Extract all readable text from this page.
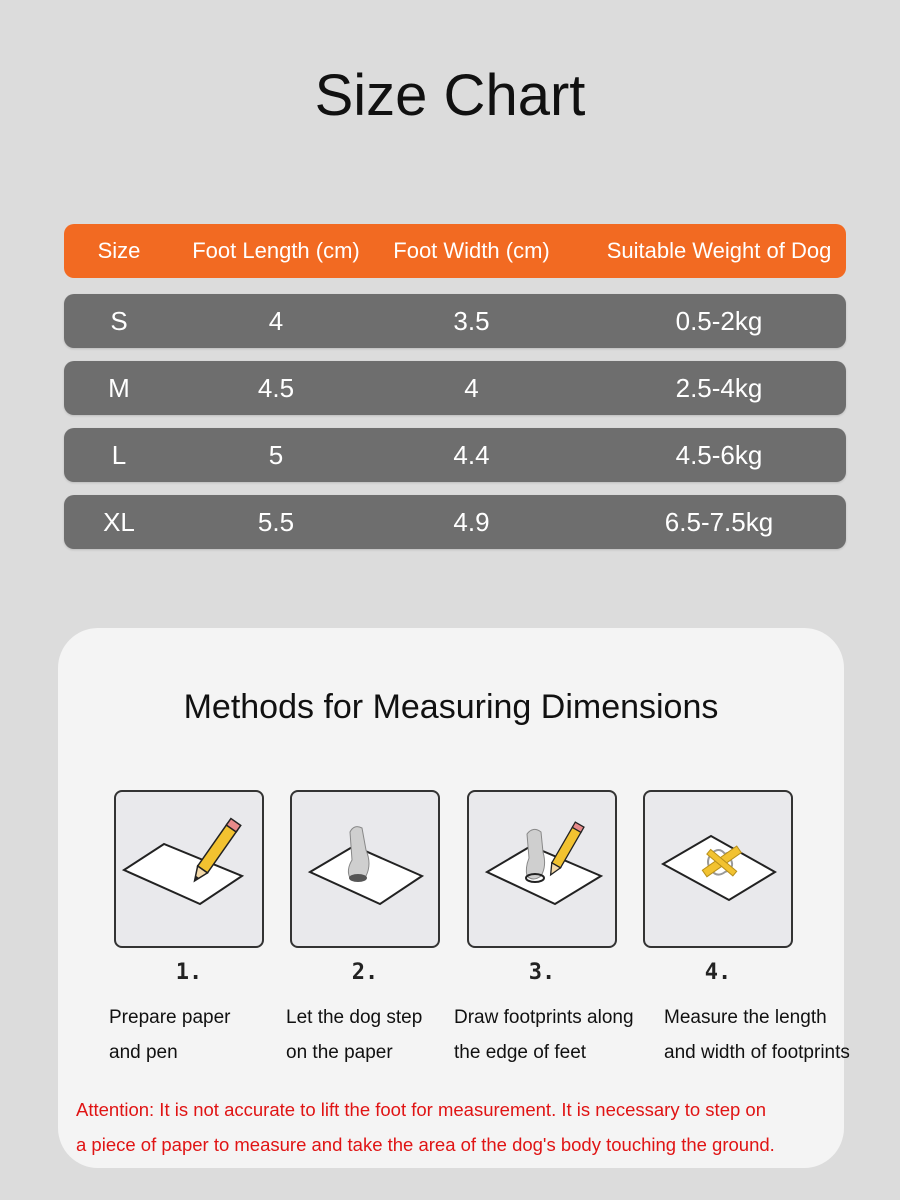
Size Chart
Size	Foot Length (cm)	Foot Width (cm)	Suitable Weight of Dog
S	4	3.5	0.5-2kg
M	4.5	4	2.5-4kg
L	5	4.4	4.5-6kg
XL	5.5	4.9	6.5-7.5kg
Methods for Measuring Dimensions
1.
Prepare paper
and pen
2.
Let the dog step
on the paper
3.
Draw footprints along
the edge of feet
4.
Measure the length
and width of footprints
Attention: It is not accurate to lift the foot for measurement. It is necessary to step on
a piece of paper to measure and take the area of the dog's body touching the ground.
